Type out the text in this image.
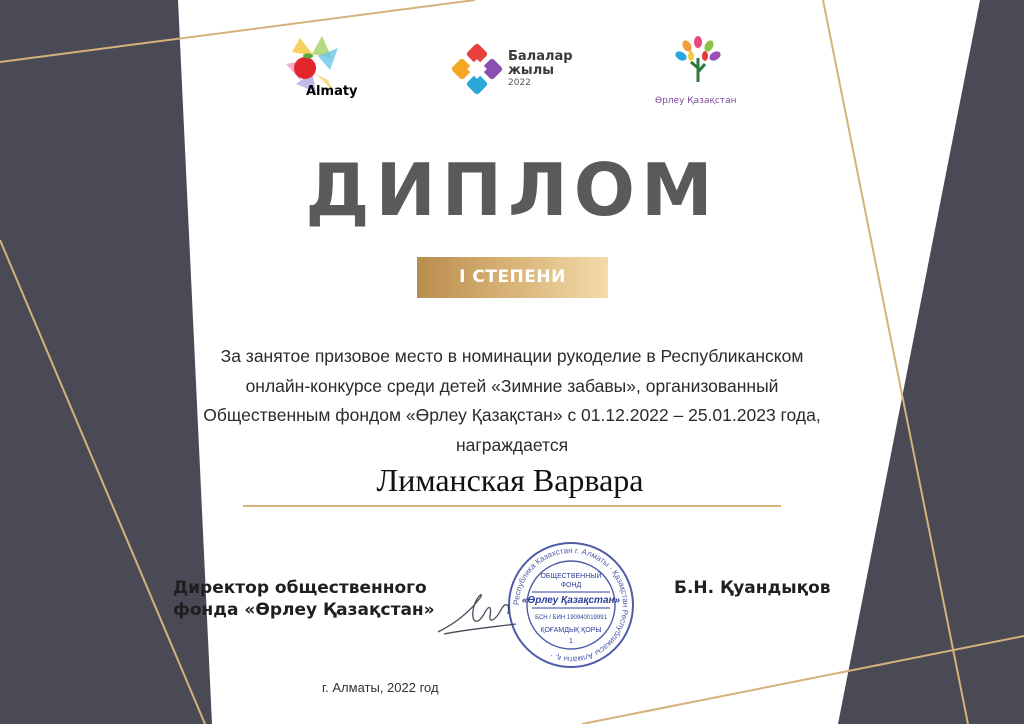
Almaty
Балалар
жылы
2022
Өрлеу Қазақстан
ДИПЛОМ
I СТЕПЕНИ
За занятое призовое место в номинации рукоделие в Республиканском
онлайн-конкурсе среди детей «Зимние забавы», организованный
Общественным фондом «Өрлеу Қазақстан» с 01.12.2022 – 25.01.2023 года,
награждается
Лиманская Варвара
Директор общественного
фонда «Өрлеу Қазақстан»	Республика Казахстан г. Алматы · Қазақстан Республикасы Алматы қ. ·
ОБЩЕСТВЕННЫЙ
ФОНД
«Өрлеу Қазақстан»
БСН / БИН 190940019991
ҚОҒАМДЫҚ ҚОРЫ
1
Б.Н. Қуандықов
г. Алматы, 2022 год
